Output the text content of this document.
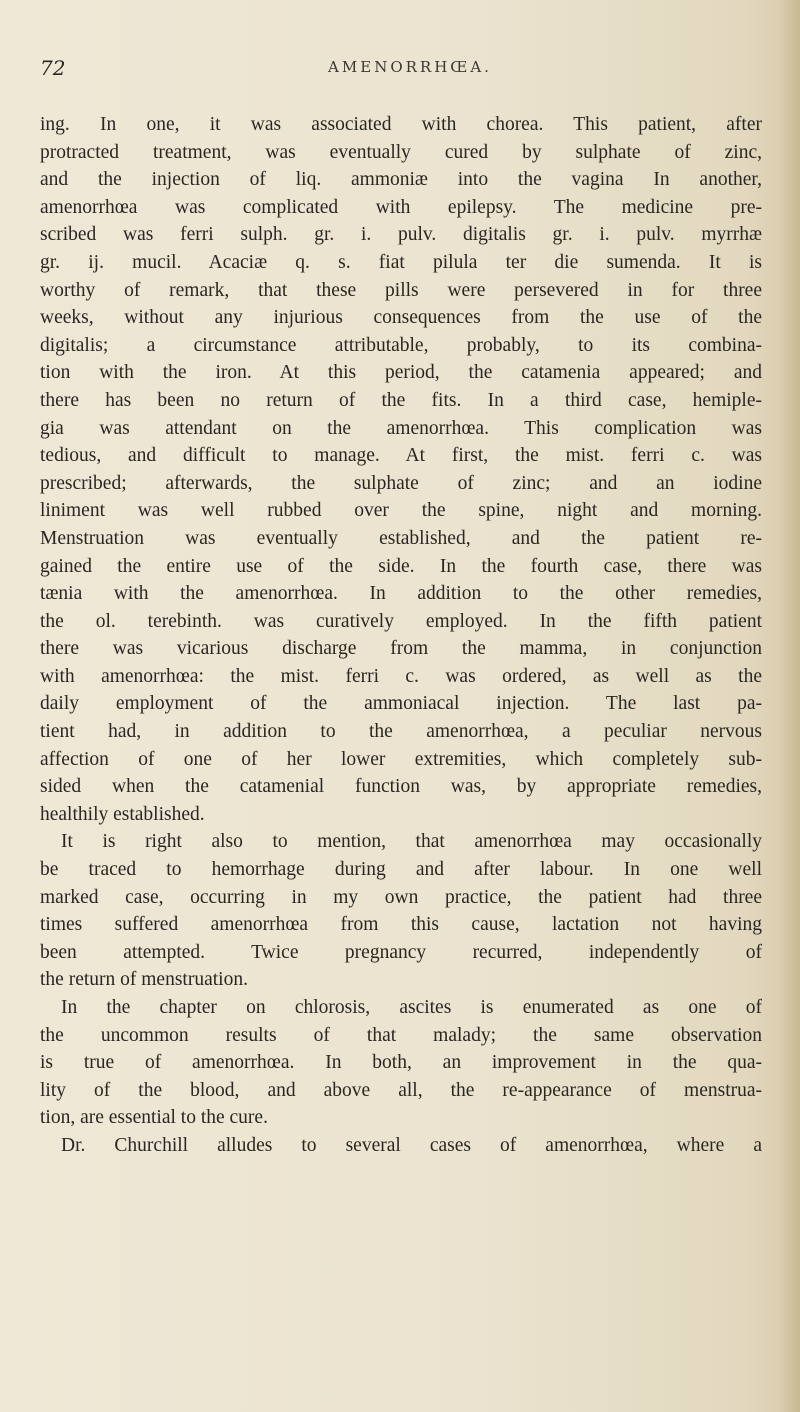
72	AMENORRHŒA.
ing. In one, it was associated with chorea. This patient, after
protracted treatment, was eventually cured by sulphate of zinc,
and the injection of liq. ammoniæ into the vagina In another,
amenorrhœa was complicated with epilepsy. The medicine pre-
scribed was ferri sulph. gr. i. pulv. digitalis gr. i. pulv. myrrhæ
gr. ij. mucil. Acaciæ q. s. fiat pilula ter die sumenda. It is
worthy of remark, that these pills were persevered in for three
weeks, without any injurious consequences from the use of the
digitalis; a circumstance attributable, probably, to its combina-
tion with the iron. At this period, the catamenia appeared; and
there has been no return of the fits. In a third case, hemiple-
gia was attendant on the amenorrhœa. This complication was
tedious, and difficult to manage. At first, the mist. ferri c. was
prescribed; afterwards, the sulphate of zinc; and an iodine
liniment was well rubbed over the spine, night and morning.
Menstruation was eventually established, and the patient re-
gained the entire use of the side. In the fourth case, there was
tænia with the amenorrhœa. In addition to the other remedies,
the ol. terebinth. was curatively employed. In the fifth patient
there was vicarious discharge from the mamma, in conjunction
with amenorrhœa: the mist. ferri c. was ordered, as well as the
daily employment of the ammoniacal injection. The last pa-
tient had, in addition to the amenorrhœa, a peculiar nervous
affection of one of her lower extremities, which completely sub-
sided when the catamenial function was, by appropriate remedies,
healthily established.
It is right also to mention, that amenorrhœa may occasionally
be traced to hemorrhage during and after labour. In one well
marked case, occurring in my own practice, the patient had three
times suffered amenorrhœa from this cause, lactation not having
been attempted. Twice pregnancy recurred, independently of
the return of menstruation.
In the chapter on chlorosis, ascites is enumerated as one of
the uncommon results of that malady; the same observation
is true of amenorrhœa. In both, an improvement in the qua-
lity of the blood, and above all, the re-appearance of menstrua-
tion, are essential to the cure.
Dr. Churchill alludes to several cases of amenorrhœa, where a
